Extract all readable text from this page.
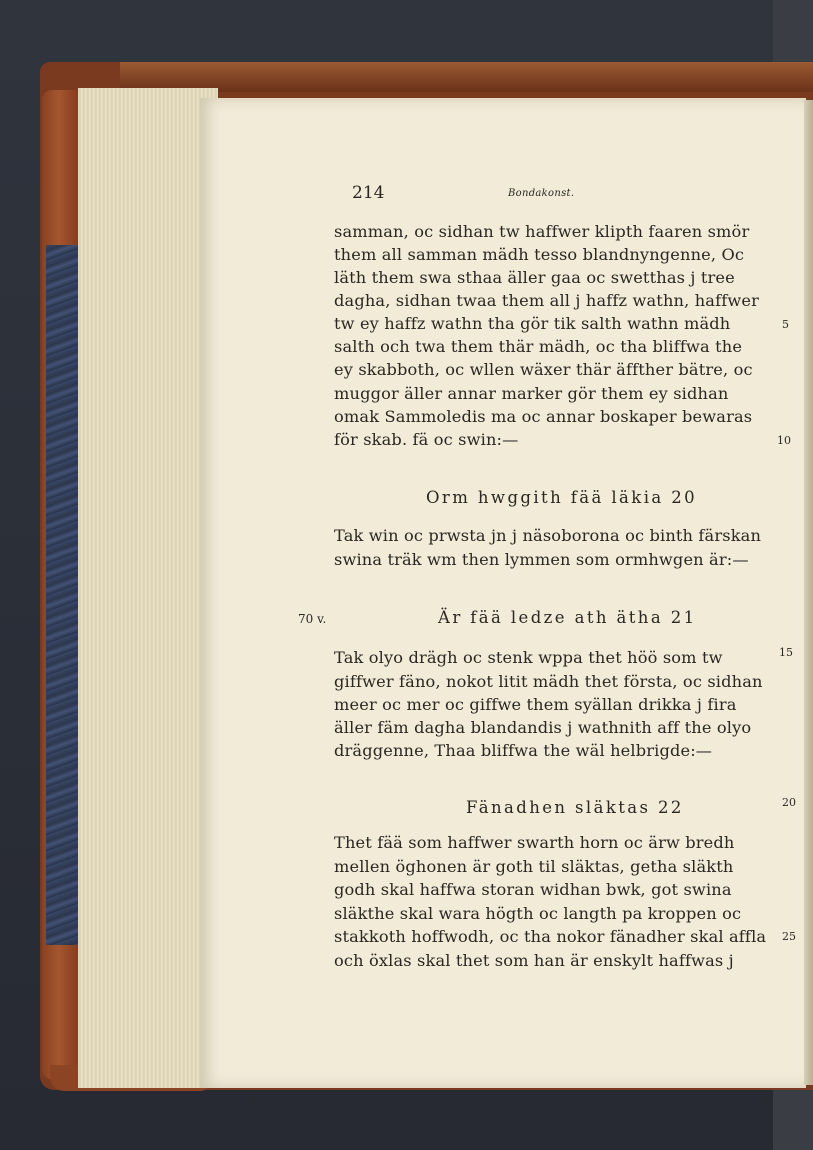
214	Bondakonst.
samman, oc sidhan tw haffwer klipth faaren smör
them all samman mädh tesso blandnyngenne, Oc
läth them swa sthaa äller gaa oc swetthas j tree
dagha, sidhan twaa them all j haffz wathn, haffwer
tw ey haffz wathn tha gör tik salth wathn mädh
salth och twa them thär mädh, oc tha bliffwa the
ey skabboth, oc wllen wäxer thär äffther bätre, oc
muggor äller annar marker gör them ey sidhan
omak Sammoledis ma oc annar boskaper bewaras
för skab. fä oc swin:—
Orm hwggith fää läkia 20
Tak win oc prwsta jn j näsoborona oc binth färskan
swina träk wm then lymmen som ormhwgen är:—
70 v.	Är fää ledze ath ätha 21
Tak olyo drägh oc stenk wppa thet höö som tw
giffwer fäno, nokot litit mädh thet första, oc sidhan
meer oc mer oc giffwe them syällan drikka j fira
äller fäm dagha blandandis j wathnith aff the olyo
dräggenne, Thaa bliffwa the wäl helbrigde:—
Fänadhen släktas 22
Thet fää som haffwer swarth horn oc ärw bredh
mellen öghonen är goth til släktas, getha släkth
godh skal haffwa storan widhan bwk, got swina
släkthe skal wara högth oc langth pa kroppen oc
stakkoth hoffwodh, oc tha nokor fänadher skal affla
och öxlas skal thet som han är enskylt haffwas j
5
10
15
20
25
